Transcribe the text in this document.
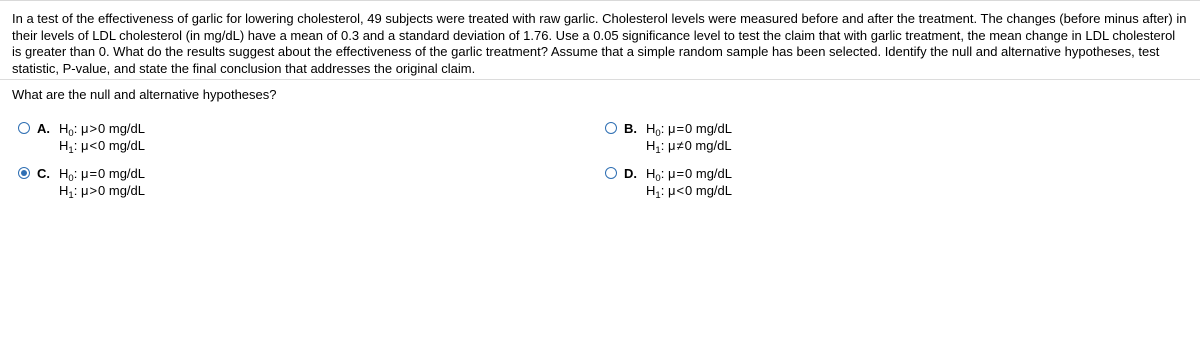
In a test of the effectiveness of garlic for lowering cholesterol, 49 subjects were treated with raw garlic. Cholesterol levels were measured before and after the treatment. The changes (before minus after) in their levels of LDL cholesterol (in mg/dL) have a mean of 0.3 and a standard deviation of 1.76. Use a 0.05 significance level to test the claim that with garlic treatment, the mean change in LDL cholesterol is greater than 0. What do the results suggest about the effectiveness of the garlic treatment? Assume that a simple random sample has been selected. Identify the null and alternative hypotheses, test statistic, P-value, and state the final conclusion that addresses the original claim.
What are the null and alternative hypotheses?
A. $H_0$: μ>0 mg/dL
$H_1$: μ<0 mg/dL
B. $H_0$: μ=0 mg/dL
$H_1$: μ≠0 mg/dL
C. $H_0$: μ=0 mg/dL
$H_1$: μ>0 mg/dL
D. $H_0$: μ=0 mg/dL
$H_1$: μ<0 mg/dL
